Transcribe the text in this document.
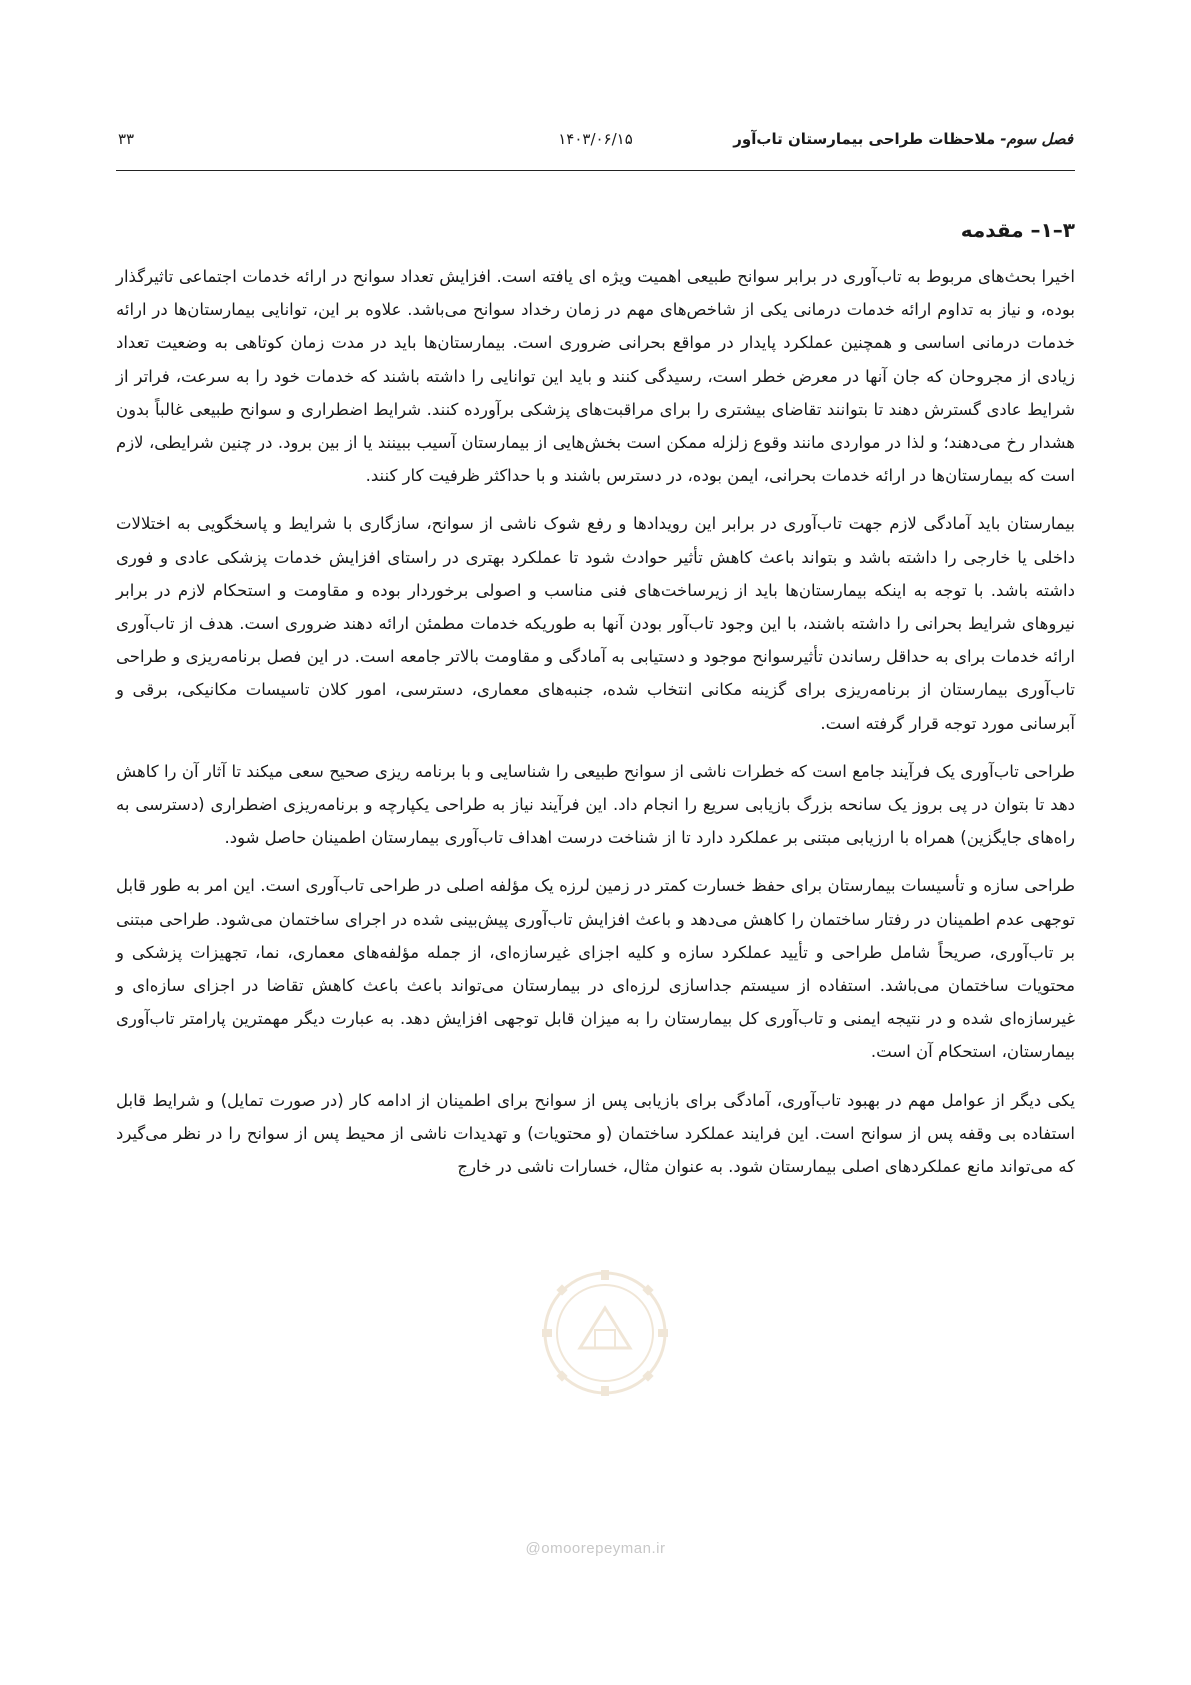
فصل سوم- ملاحظات طراحی بیمارستان تاب‌آور
۱۴۰۳/۰۶/۱۵
۳۳
۳–۱– مقدمه

اخیرا بحث‌های مربوط به تاب‌آوری در برابر سوانح طبیعی اهمیت ویژه ای یافته است. افزایش تعداد سوانح در ارائه خدمات اجتماعی تاثیرگذار بوده، و نیاز به تداوم ارائه خدمات درمانی یکی از شاخص‌های مهم در زمان رخداد سوانح می‌باشد. علاوه بر این، توانایی بیمارستان‌ها در ارائه خدمات درمانی اساسی و همچنین عملکرد پایدار در مواقع بحرانی ضروری است. بیمارستان‌ها باید در مدت زمان کوتاهی به وضعیت تعداد زیادی از مجروحان که جان آنها در معرض خطر است، رسیدگی کنند و باید این توانایی را داشته باشند که خدمات خود را به سرعت، فراتر از شرایط عادی گسترش دهند تا بتوانند تقاضای بیشتری را برای مراقبت‌های پزشکی برآورده کنند. شرایط اضطراری و سوانح طبیعی غالباً بدون هشدار رخ می‌دهند؛ و لذا در مواردی مانند وقوع زلزله ممکن است بخش‌هایی از بیمارستان آسیب ببینند یا از بین برود. در چنین شرایطی، لازم است که بیمارستان‌ها در ارائه خدمات بحرانی، ایمن بوده، در دسترس باشند و با حداکثر ظرفیت کار کنند.

بیمارستان باید آمادگی لازم جهت تاب‌آوری در برابر این رویدادها و رفع شوک ناشی از سوانح، سازگاری با شرایط و پاسخگویی به اختلالات داخلی یا خارجی را داشته باشد و بتواند باعث کاهش تأثیر حوادث شود تا عملکرد بهتری در راستای افزایش خدمات پزشکی عادی و فوری داشته باشد. با توجه به اینکه بیمارستان‌ها باید از زیرساخت‌های فنی مناسب و اصولی برخوردار بوده و مقاومت و استحکام لازم در برابر نیروهای شرایط بحرانی را داشته باشند، با این وجود تاب‌آور بودن آنها به طوریکه خدمات مطمئن ارائه دهند ضروری است. هدف از تاب‌آوری ارائه خدمات برای به حداقل رساندن تأثیرسوانح موجود و دستیابی به آمادگی و مقاومت بالاتر جامعه است. در این فصل برنامه‌ریزی و طراحی تاب‌آوری بیمارستان از برنامه‌ریزی برای گزینه مکانی انتخاب شده، جنبه‌های معماری، دسترسی، امور کلان تاسیسات مکانیکی، برقی و آبرسانی مورد توجه قرار گرفته است.

طراحی تاب‌آوری یک فرآیند جامع است که خطرات ناشی از سوانح طبیعی را شناسایی و با برنامه ریزی صحیح سعی میکند تا آثار آن را کاهش دهد تا بتوان در پی بروز یک سانحه بزرگ بازیابی سریع را انجام داد. این فرآیند نیاز به طراحی یکپارچه و برنامه‌ریزی اضطراری (دسترسی به راه‌های جایگزین) همراه با ارزیابی مبتنی بر عملکرد دارد تا از شناخت درست اهداف تاب‌آوری بیمارستان اطمینان حاصل شود.

طراحی سازه و تأسیسات بیمارستان برای حفظ خسارت کمتر در زمین لرزه یک مؤلفه اصلی در طراحی تاب‌آوری است. این امر به طور قابل توجهی عدم اطمینان در رفتار ساختمان را کاهش می‌دهد و باعث افزایش تاب‌آوری پیش‌بینی شده در اجرای ساختمان می‌شود. طراحی مبتنی بر تاب‌آوری، صریحاً شامل طراحی و تأیید عملکرد سازه و کلیه اجزای غیرسازه‌ای، از جمله مؤلفه‌های معماری، نما، تجهیزات پزشکی و محتویات ساختمان می‌باشد. استفاده از سیستم جداسازی لرزه‌ای در بیمارستان می‌تواند باعث باعث کاهش تقاضا در اجزای سازه‌ای و غیرسازه‌ای شده و در نتیجه ایمنی و تاب‌آوری کل بیمارستان را به میزان قابل توجهی افزایش دهد. به عبارت دیگر مهمترین پارامتر تاب‌آوری بیمارستان، استحکام آن است.

یکی دیگر از عوامل مهم در بهبود تاب‌آوری، آمادگی برای بازیابی پس از سوانح برای اطمینان از ادامه کار (در صورت تمایل) و شرایط قابل استفاده بی وقفه پس از سوانح است. این فرایند عملکرد ساختمان (و محتویات) و تهدیدات ناشی از محیط پس از سوانح را در نظر می‌گیرد که می‌تواند مانع عملکردهای اصلی بیمارستان شود. به عنوان مثال، خسارات ناشی در خارج

@omoorepeyman.ir
